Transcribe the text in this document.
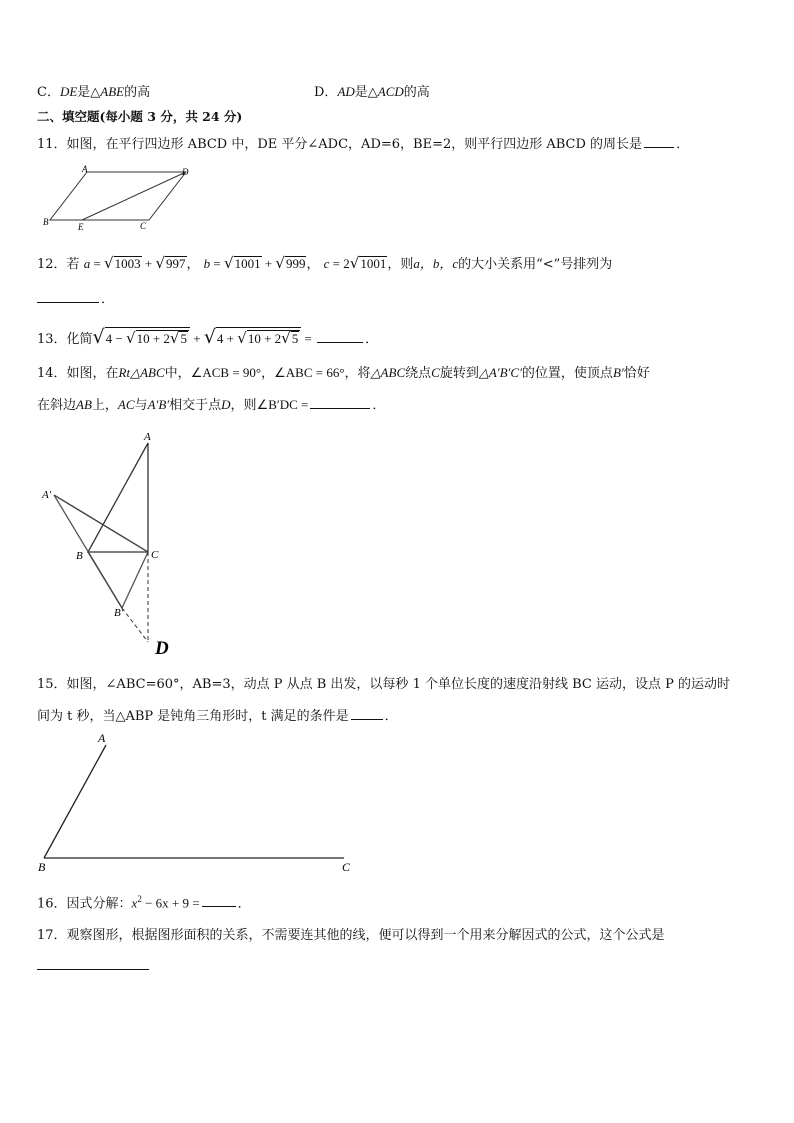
C．DE是△ABE的高	D．AD是△ACD的高
二、填空题(每小题 3 分，共 24 分)
11．如图，在平行四边形 ABCD 中，DE 平分∠ADC，AD=6，BE=2，则平行四边形 ABCD 的周长是	．
A	D
B	E	C
12．若 a = √1003 + √997， b = √1001 + √999， c = 2√1001，则a，b，c的大小关系用“<”号排列为
．
13．化简√4 − √10 + 2√5 + √4 + √10 + 2√5 =	．
14．如图，在Rt△ABC中，∠ACB = 90°，∠ABC = 66°，将△ABC绕点C旋转到△A′B′C′的位置，使顶点B′恰好
在斜边AB上，AC与A′B′相交于点D，则∠B′DC =	．
A
A′
B	C
B′
D
15．如图，∠ABC=60°，AB=3，动点 P 从点 B 出发，以每秒 1 个单位长度的速度沿射线 BC 运动，设点 P 的运动时
间为 t 秒，当△ABP 是钝角三角形时，t 满足的条件是	．
A
B	C
16．因式分解：$x^2 - 6x + 9$ =	．
17．观察图形，根据图形面积的关系，不需要连其他的线，便可以得到一个用来分解因式的公式，这个公式是
